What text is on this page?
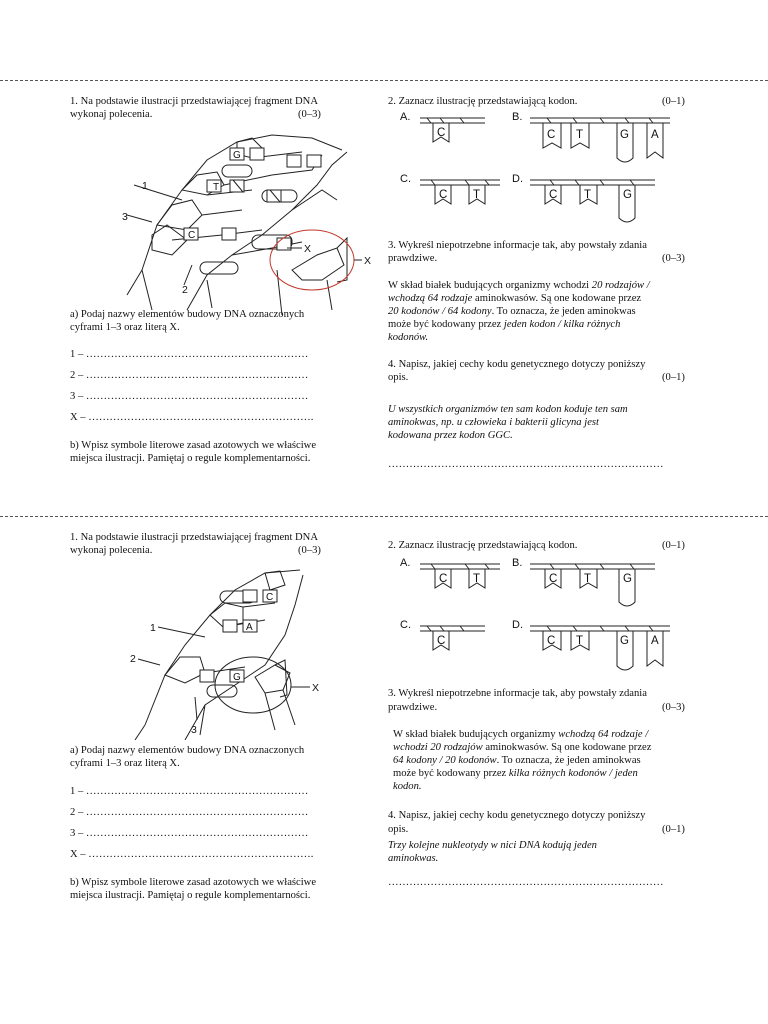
1. Na podstawie ilustracji przedstawiającej fragment DNA
wykonaj polecenia.	(0–3)
G
T
C
1
3
2
X
X
a) Podaj nazwy elementów budowy DNA oznaczonych
cyframi 1–3 oraz literą X.
1 – ………………………………………………………
2 – ………………………………………………………
3 – ………………………………………………………
X – ……………………………………………………….
b) Wpisz symbole literowe zasad azotowych we właściwe
miejsca ilustracji. Pamiętaj o regule komplementarności.
2. Zaznacz ilustrację przedstawiającą kodon.	(0–1)
A.	B.
C.	D.
C	C T	G A
C T	C T	G
3. Wykreśl niepotrzebne informacje tak, aby powstały zdania
prawdziwe.	(0–3)
W skład białek budujących organizmy wchodzi 20 rodzajów /
wchodzą 64 rodzaje aminokwasów. Są one kodowane przez
20 kodonów / 64 kodony. To oznacza, że jeden aminokwas
może być kodowany przez jeden kodon / kilka różnych
kodonów.
4. Napisz, jakiej cechy kodu genetycznego dotyczy poniższy
opis.	(0–1)
U wszystkich organizmów ten sam kodon koduje ten sam
aminokwas, np. u człowieka i bakterii glicyna jest
kodowana przez kodon GGC.
……………………………………………………………………
1. Na podstawie ilustracji przedstawiającej fragment DNA
wykonaj polecenia.	(0–3)
C
A
G
1
2
3
X
a) Podaj nazwy elementów budowy DNA oznaczonych
cyframi 1–3 oraz literą X.
1 – ………………………………………………………
2 – ………………………………………………………
3 – ………………………………………………………
X – ……………………………………………………….
b) Wpisz symbole literowe zasad azotowych we właściwe
miejsca ilustracji. Pamiętaj o regule komplementarności.
2. Zaznacz ilustrację przedstawiającą kodon.	(0–1)
A.	B.
C.	D.
C T	C T	G
C	C T	G A
3. Wykreśl niepotrzebne informacje tak, aby powstały zdania
prawdziwe.	(0–3)
W skład białek budujących organizmy wchodzą 64 rodzaje /
wchodzi 20 rodzajów aminokwasów. Są one kodowane przez
64 kodony / 20 kodonów. To oznacza, że jeden aminokwas
może być kodowany przez kilka różnych kodonów / jeden
kodon.
4. Napisz, jakiej cechy kodu genetycznego dotyczy poniższy
opis.	(0–1)
Trzy kolejne nukleotydy w nici DNA kodują jeden
aminokwas.
……………………………………………………………………
